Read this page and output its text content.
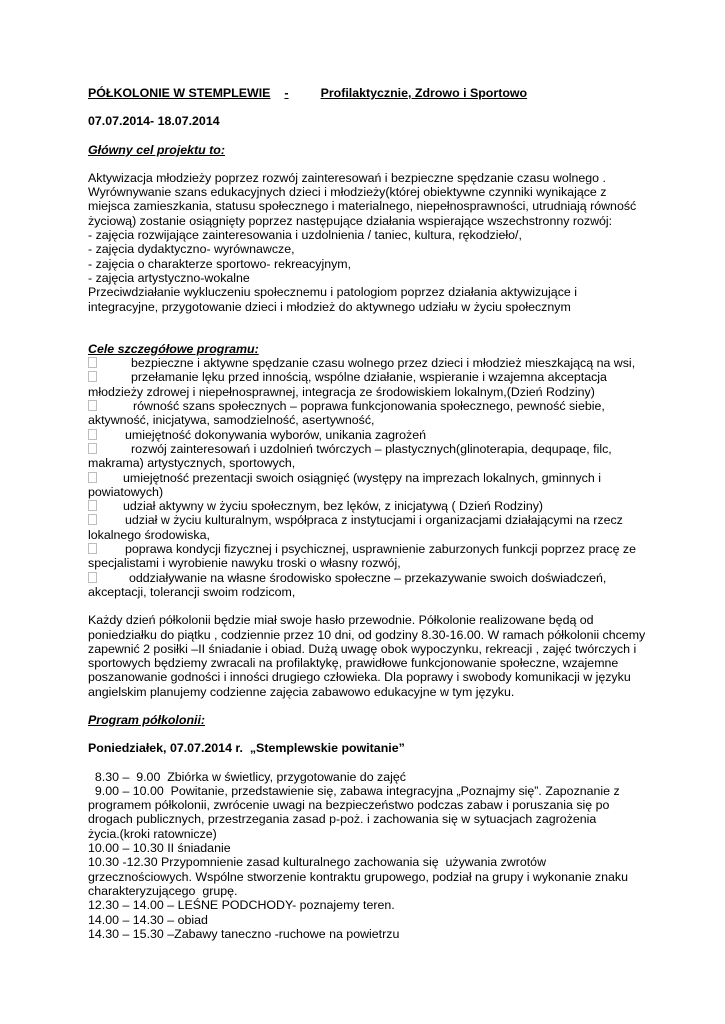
PÓŁKOLONIE W STEMPLEWIE -	Profilaktycznie, Zdrowo i Sportowo

07.07.2014- 18.07.2014

Główny cel projektu to:

Aktywizacja młodzieży poprzez rozwój zainteresowań i bezpieczne spędzanie czasu wolnego .

Wyrównywanie szans edukacyjnych dzieci i młodzieży(której obiektywne czynniki wynikające z

miejsca zamieszkania, statusu społecznego i materialnego, niepełnosprawności, utrudniają równość

życiową) zostanie osiągnięty poprzez następujące działania wspierające wszechstronny rozwój:

- zajęcia rozwijające zainteresowania i uzdolnienia / taniec, kultura, rękodzieło/,

- zajęcia dydaktyczno- wyrównawcze,

- zajęcia o charakterze sportowo- rekreacyjnym,

- zajęcia artystyczno-wokalne

Przeciwdziałanie wykluczeniu społecznemu i patologiom poprzez działania aktywizujące i

integracyjne, przygotowanie dzieci i młodzież do aktywnego udziału w życiu społecznym

Cele szczegółowe programu:

bezpieczne i aktywne spędzanie czasu wolnego przez dzieci i młodzież mieszkającą na wsi,

przełamanie lęku przed innością, wspólne działanie, wspieranie i wzajemna akceptacja

młodzieży zdrowej i niepełnosprawnej, integracja ze środowiskiem lokalnym,(Dzień Rodziny)

równość szans społecznych – poprawa funkcjonowania społecznego, pewność siebie,

aktywność, inicjatywa, samodzielność, asertywność,

umiejętność dokonywania wyborów, unikania zagrożeń

rozwój zainteresowań i uzdolnień twórczych – plastycznych(glinoterapia, dequpaqe, filc,

makrama) artystycznych, sportowych,

umiejętność prezentacji swoich osiągnięć (występy na imprezach lokalnych, gminnych i

powiatowych)

udział aktywny w życiu społecznym, bez lęków, z inicjatywą ( Dzień Rodziny)

udział w życiu kulturalnym, współpraca z instytucjami i organizacjami działającymi na rzecz

lokalnego środowiska,

poprawa kondycji fizycznej i psychicznej, usprawnienie zaburzonych funkcji poprzez pracę ze

specjalistami i wyrobienie nawyku troski o własny rozwój,

oddziaływanie na własne środowisko społeczne – przekazywanie swoich doświadczeń,

akceptacji, tolerancji swoim rodzicom,

Każdy dzień półkolonii będzie miał swoje hasło przewodnie. Półkolonie realizowane będą od

poniedziałku do piątku , codziennie przez 10 dni, od godziny 8.30-16.00. W ramach półkolonii chcemy

zapewnić 2 posiłki –II śniadanie i obiad. Dużą uwagę obok wypoczynku, rekreacji , zajęć twórczych i

sportowych będziemy zwracali na profilaktykę, prawidłowe funkcjonowanie społeczne, wzajemne

poszanowanie godności i inności drugiego człowieka. Dla poprawy i swobody komunikacji w języku

angielskim planujemy codzienne zajęcia zabawowo edukacyjne w tym języku.

Program półkolonii:

Poniedziałek, 07.07.2014 r.  „Stemplewskie powitanie”

8.30 –  9.00  Zbiórka w świetlicy, przygotowanie do zajęć

9.00 – 10.00  Powitanie, przedstawienie się, zabawa integracyjna „Poznajmy się”. Zapoznanie z

programem półkolonii, zwrócenie uwagi na bezpieczeństwo podczas zabaw i poruszania się po

drogach publicznych, przestrzegania zasad p-poż. i zachowania się w sytuacjach zagrożenia

życia.(kroki ratownicze)

10.00 – 10.30 II śniadanie

10.30 -12.30 Przypomnienie zasad kulturalnego zachowania się  używania zwrotów

grzecznościowych. Wspólne stworzenie kontraktu grupowego, podział na grupy i wykonanie znaku

charakteryzującego  grupę.

12.30 – 14.00 – LEŚNE PODCHODY- poznajemy teren.

14.00 – 14.30 – obiad

14.30 – 15.30 –Zabawy taneczno -ruchowe na powietrzu
